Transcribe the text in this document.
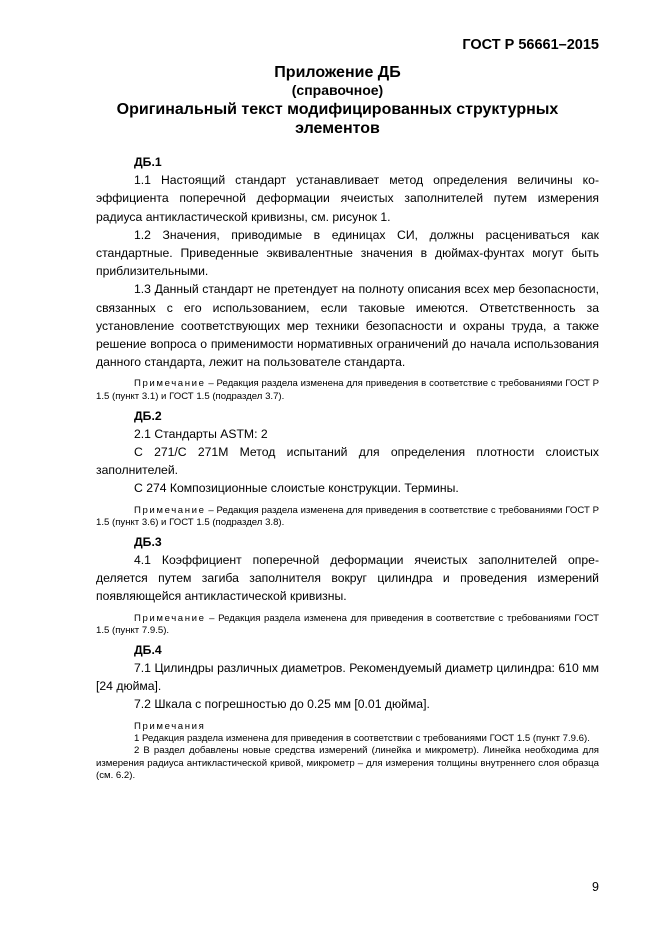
ГОСТ Р 56661–2015
Приложение ДБ
(справочное)
Оригинальный текст модифицированных структурных
элементов
ДБ.1

1.1 Настоящий стандарт устанавливает метод определения величины коэффициента поперечной деформации ячеистых заполнителей путем измерения радиуса антикластической кривизны, см. рисунок 1.

1.2 Значения, приводимые в единицах СИ, должны расцениваться как стандартные. Приведенные эквивалентные значения в дюймах-фунтах могут быть приблизительными.

1.3 Данный стандарт не претендует на полноту описания всех мер безопасности, связанных с его использованием, если таковые имеются. Ответственность за установление соответствующих мер техники безопасности и охраны труда, а также решение вопроса о применимости нормативных ограничений до начала использования данного стандарта, лежит на пользователе стандарта.

Примечание – Редакция раздела изменена для приведения в соответствие с требованиями ГОСТ Р 1.5 (пункт 3.1) и ГОСТ 1.5 (подраздел 3.7).

ДБ.2

2.1 Стандарты ASTM: 2

C 271/C 271M Метод испытаний для определения плотности слоистых заполнителей.

C 274 Композиционные слоистые конструкции. Термины.

Примечание – Редакция раздела изменена для приведения в соответствие с требованиями ГОСТ Р 1.5 (пункт 3.6) и ГОСТ 1.5 (подраздел 3.8).

ДБ.3

4.1 Коэффициент поперечной деформации ячеистых заполнителей определяется путем загиба заполнителя вокруг цилиндра и проведения измерений появляющейся антикластической кривизны.

Примечание – Редакция раздела изменена для приведения в соответствие с требованиями ГОСТ 1.5 (пункт 7.9.5).

ДБ.4

7.1 Цилиндры различных диаметров. Рекомендуемый диаметр цилиндра: 610 мм [24 дюйма].

7.2 Шкала с погрешностью до 0.25 мм [0.01 дюйма].

Примечания

1 Редакция раздела изменена для приведения в соответствии с требованиями ГОСТ 1.5 (пункт 7.9.6).

2 В раздел добавлены новые средства измерений (линейка и микрометр). Линейка необходима для измерения радиуса антикластической кривой, микрометр – для измерения толщины внутреннего слоя образца (см. 6.2).

9
